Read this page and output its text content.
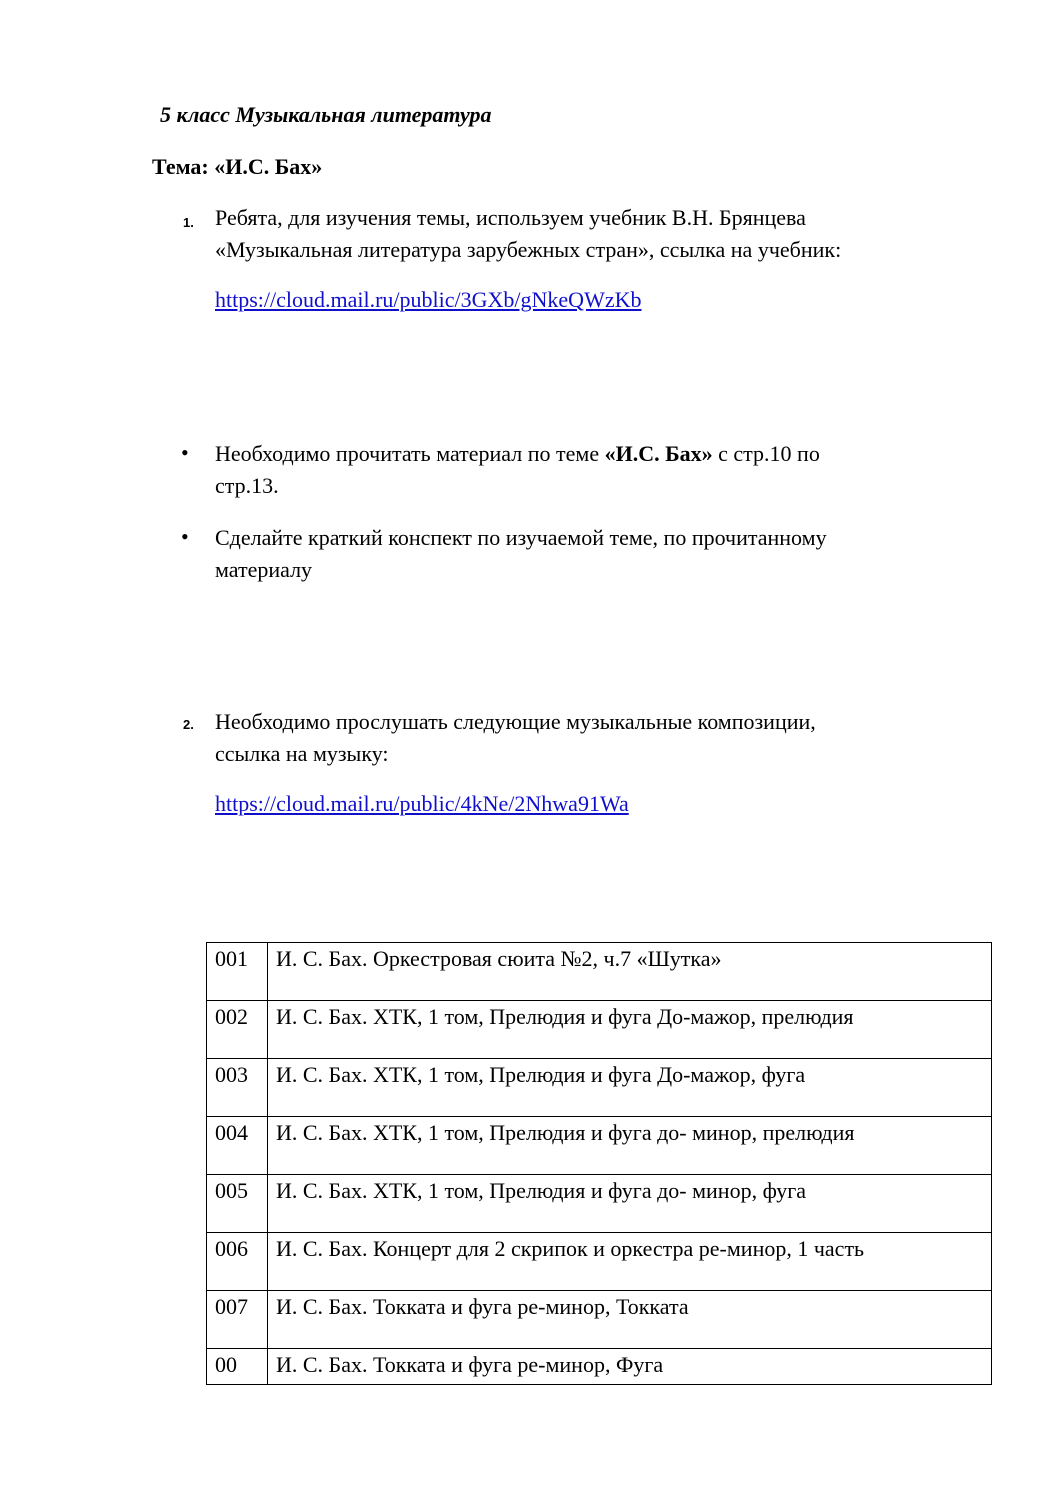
5 класс Музыкальная литература
Тема: «И.С. Бах»
1. Ребята, для изучения темы, используем учебник В.Н. Брянцева
«Музыкальная литература зарубежных стран», ссылка на учебник:
https://cloud.mail.ru/public/3GXb/gNkeQWzKb
• Необходимо прочитать материал по теме «И.С. Бах» с стр.10 по
стр.13.
• Сделайте краткий конспект по изучаемой теме, по прочитанному
материалу
2. Необходимо прослушать следующие музыкальные композиции,
ссылка на музыку:
https://cloud.mail.ru/public/4kNe/2Nhwa91Wa
001	И. С. Бах. Оркестровая сюита №2, ч.7 «Шутка»

002	И. С. Бах. ХТК, 1 том, Прелюдия и фуга До-мажор, прелюдия

003	И. С. Бах. ХТК, 1 том, Прелюдия и фуга До-мажор, фуга

004	И. С. Бах. ХТК, 1 том, Прелюдия и фуга до- минор, прелюдия

005	И. С. Бах. ХТК, 1 том, Прелюдия и фуга до- минор, фуга

006	И. С. Бах. Концерт для 2 скрипок и оркестра ре-минор, 1 часть

007	И. С. Бах. Токката и фуга ре-минор, Токката

00	И. С. Бах. Токката и фуга ре-минор, Фуга
